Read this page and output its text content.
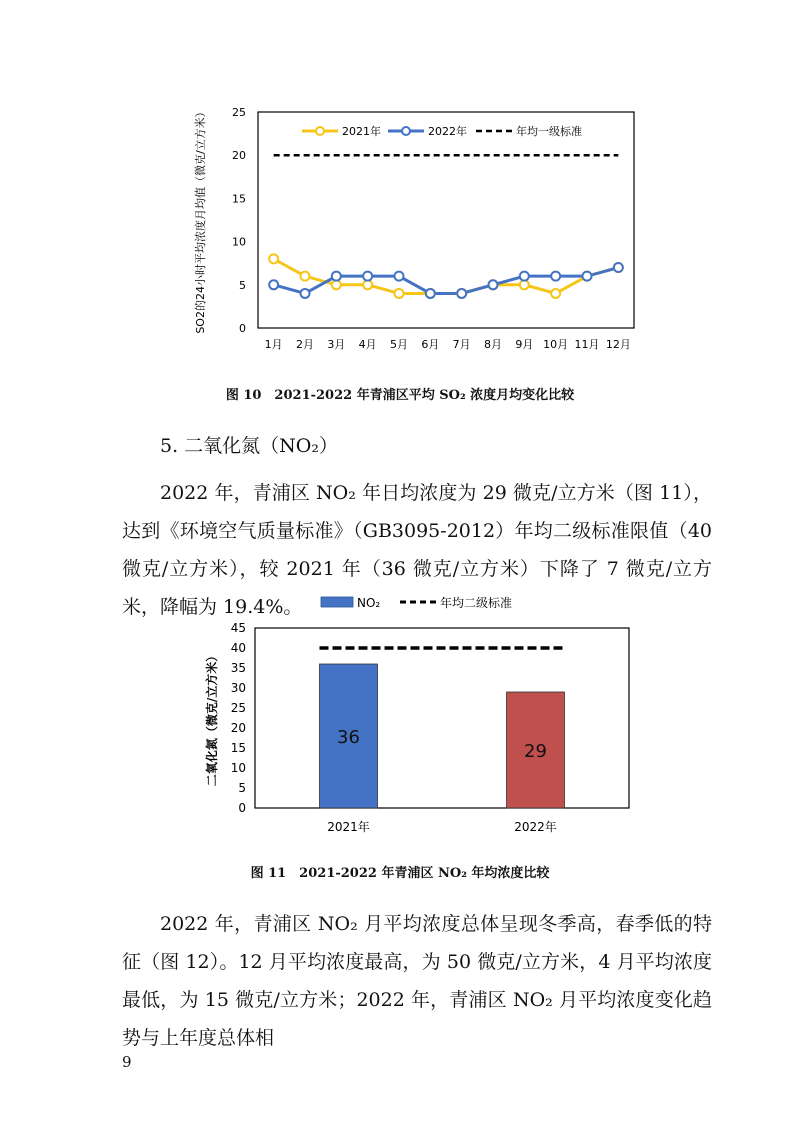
0
5
10
15
20
25
1月 2月 3月 4月 5月 6月 7月 8月 9月 10月 11月 12月
2021年	2022年	年均一级标准
SO2的24小时平均浓度月均值（微克/立方米）
图 10　2021-2022 年青浦区平均 SO₂ 浓度月均变化比较
5. 二氧化氮（NO₂）
2022 年，青浦区 NO₂ 年日均浓度为 29 微克/立方米（图 11），达到《环境空气质量标准》（GB3095-2012）年均二级标准限值（40 微克/立方米），较 2021 年（36 微克/立方米）下降了 7 微克/立方米，降幅为 19.4%。	NO₂	年均二级标准
0
5
10
15
20
25
30
35
40
45
36
29
2021年	2022年
二氧化氮（微克/立方米）
图 11　2021-2022 年青浦区 NO₂ 年均浓度比较
2022 年，青浦区 NO₂ 月平均浓度总体呈现冬季高，春季低的特征（图 12）。12 月平均浓度最高，为 50 微克/立方米，4 月平均浓度最低，为 15 微克/立方米；2022 年，青浦区 NO₂ 月平均浓度变化趋势与上年度总体相
9
